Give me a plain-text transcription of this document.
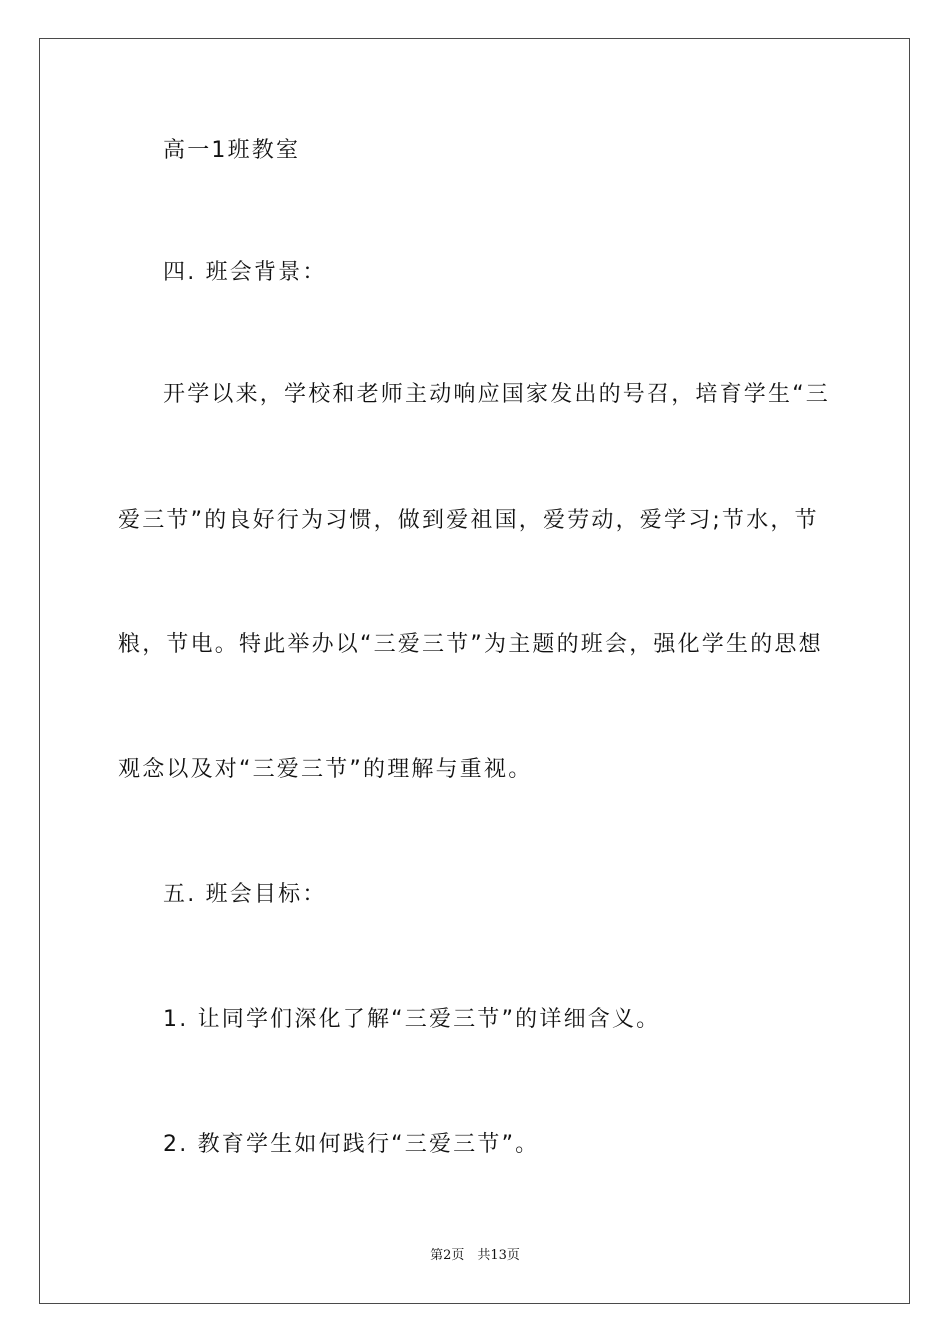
高一1班教室
四. 班会背景：
开学以来，学校和老师主动响应国家发出的号召，培育学生“三
爱三节”的良好行为习惯，做到爱祖国，爱劳动，爱学习;节水，节
粮，节电。特此举办以“三爱三节”为主题的班会，强化学生的思想
观念以及对“三爱三节”的理解与重视。
五. 班会目标：
1. 让同学们深化了解“三爱三节”的详细含义。
2. 教育学生如何践行“三爱三节”。
第2页　共13页
